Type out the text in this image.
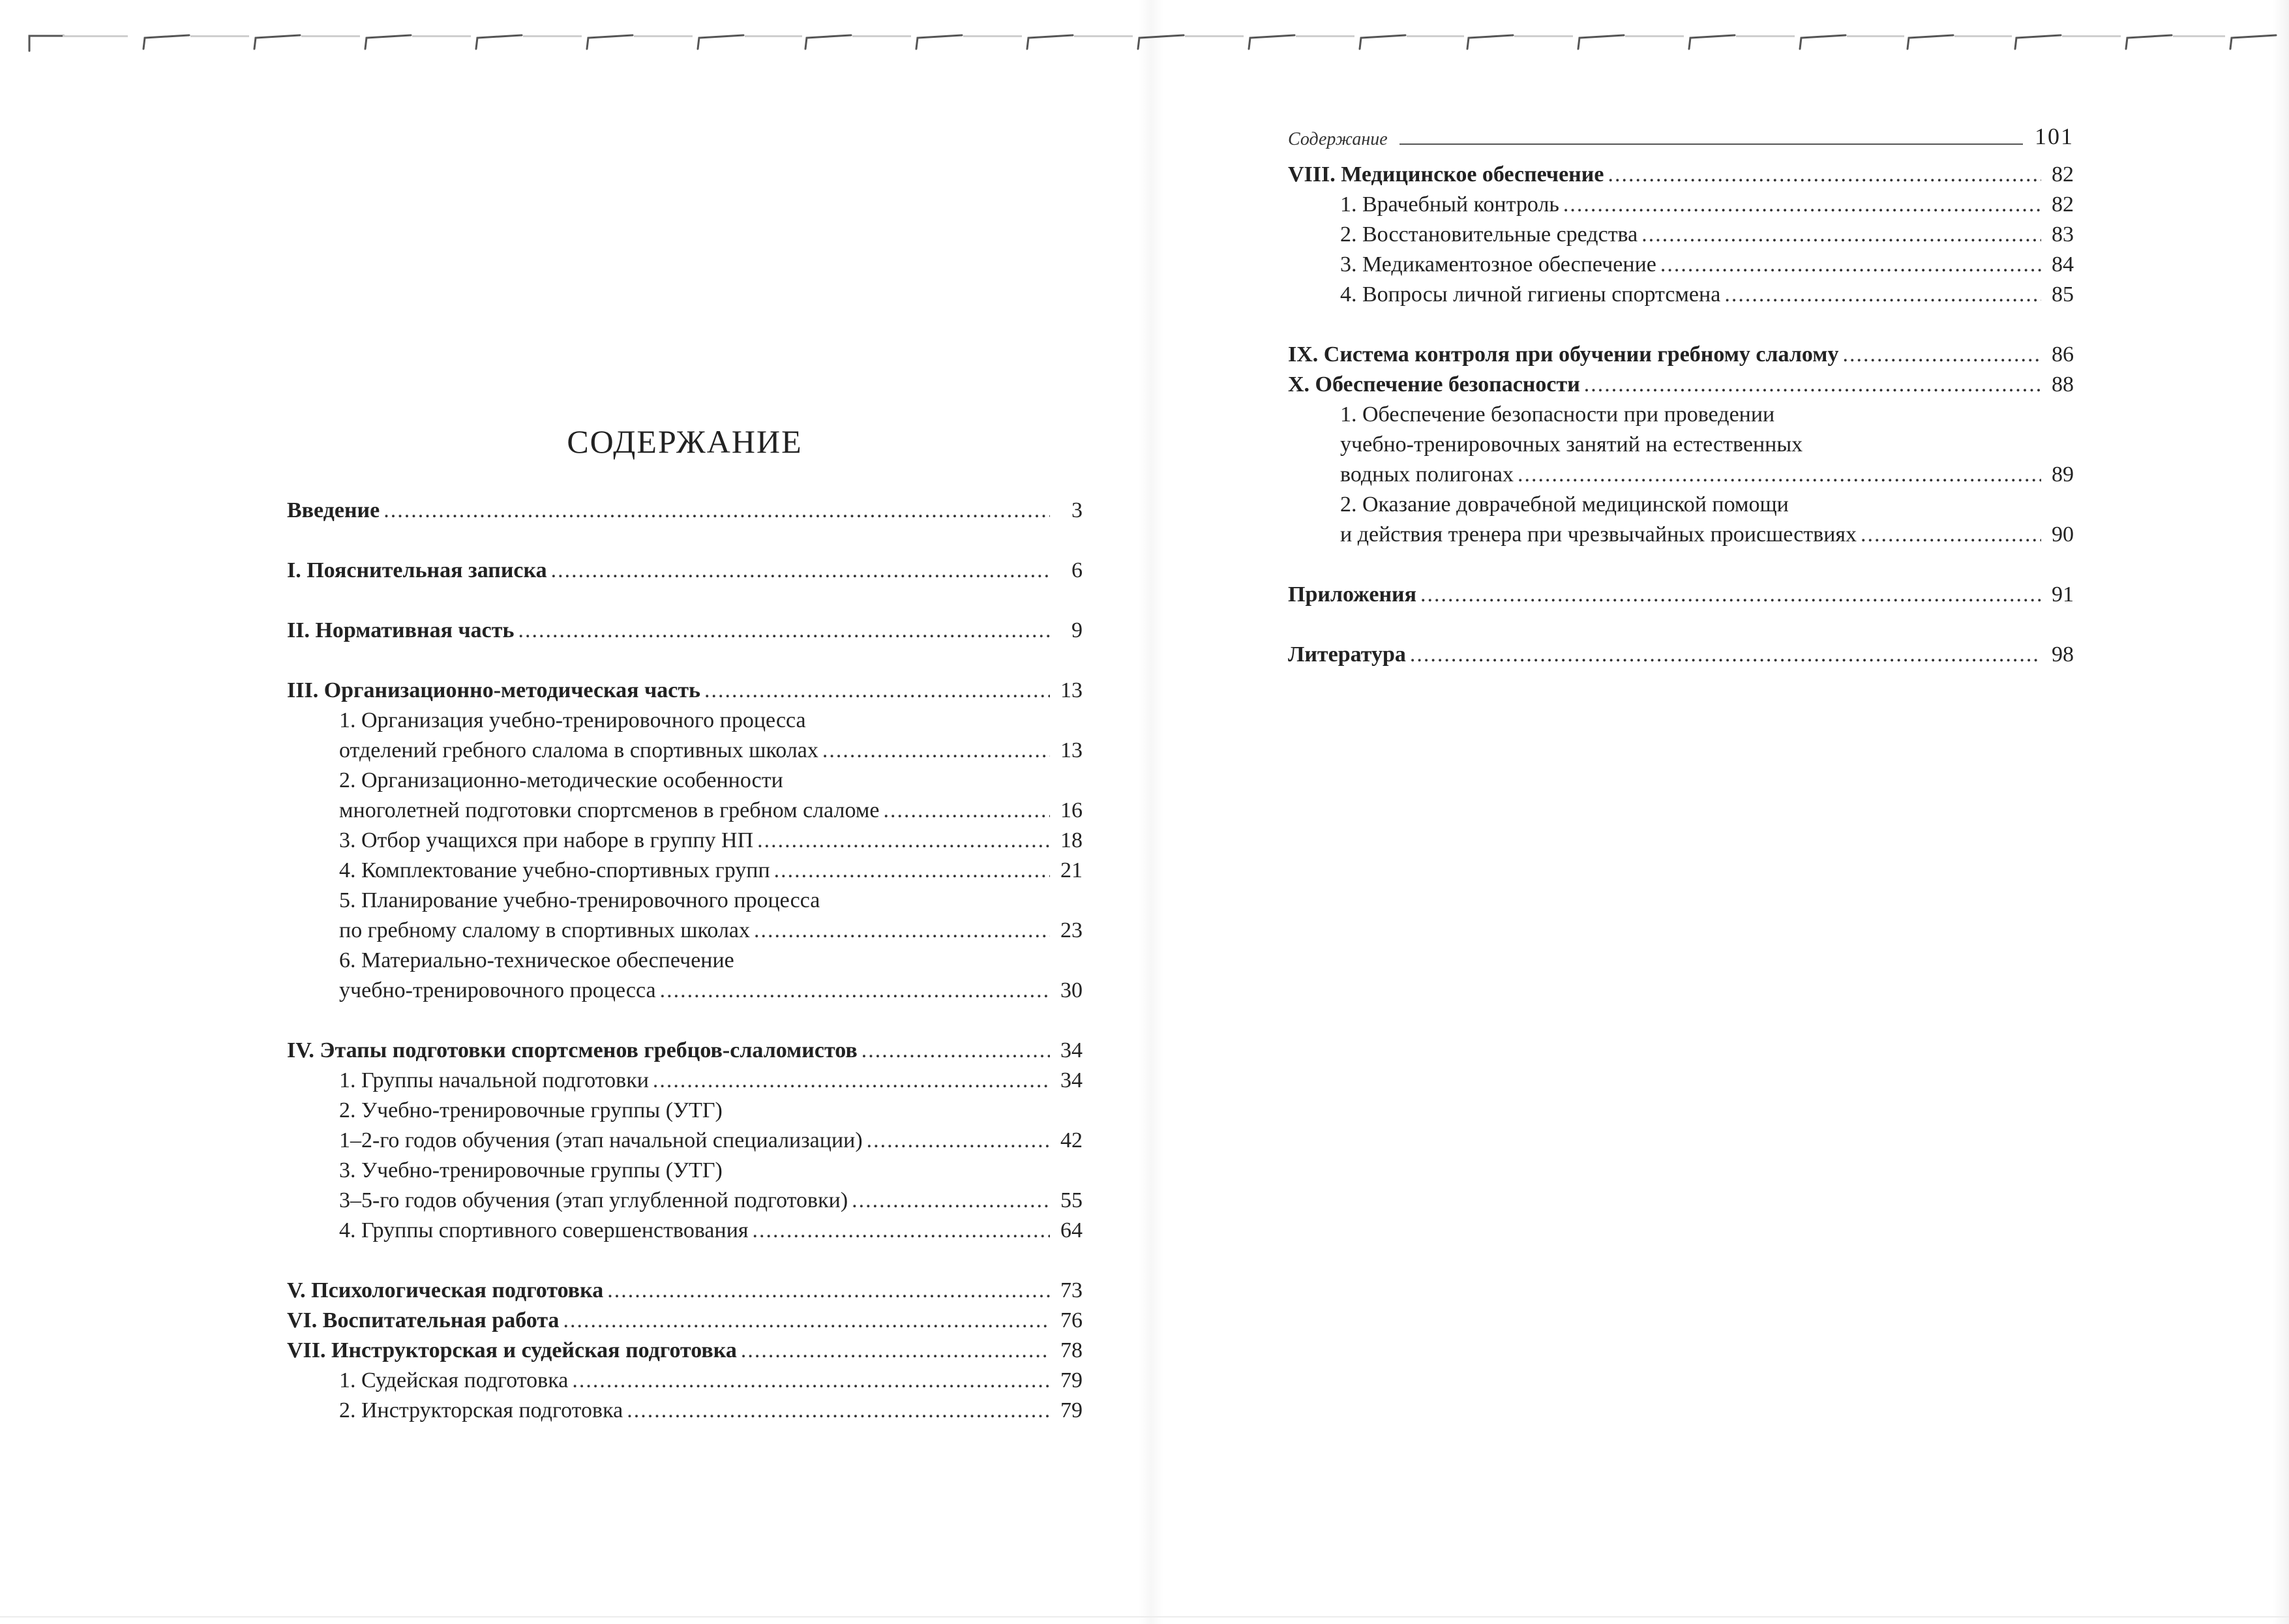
СОДЕРЖАНИЕ
Введение .....	3
I. Пояснительная записка .....	6
II. Нормативная часть .....	9
III. Организационно-методическая часть .....	13
1. Организация учебно-тренировочного процесса
отделений гребного слалома в спортивных школах .....	13
2. Организационно-методические особенности
многолетней подготовки спортсменов в гребном слаломе .....	16
3. Отбор учащихся при наборе в группу НП .....	18
4. Комплектование учебно-спортивных групп .....	21
5. Планирование учебно-тренировочного процесса
по гребному слалому в спортивных школах .....	23
6. Материально-техническое обеспечение
учебно-тренировочного процесса .....	30
IV. Этапы подготовки спортсменов гребцов-слаломистов .....	34
1. Группы начальной подготовки .....	34
2. Учебно-тренировочные группы (УТГ)
1–2-го годов обучения (этап начальной специализации) .....	42
3. Учебно-тренировочные группы (УТГ)
3–5-го годов обучения (этап углубленной подготовки) .....	55
4. Группы спортивного совершенствования .....	64
V. Психологическая подготовка .....	73
VI. Воспитательная работа .....	76
VII. Инструкторская и судейская подготовка .....	78
1. Судейская подготовка .....	79
2. Инструкторская подготовка .....	79
Содержание	101
VIII. Медицинское обеспечение .....	82
1. Врачебный контроль .....	82
2. Восстановительные средства .....	83
3. Медикаментозное обеспечение .....	84
4. Вопросы личной гигиены спортсмена .....	85
IX. Система контроля при обучении гребному слалому .....	86
X. Обеспечение безопасности .....	88
1. Обеспечение безопасности при проведении
учебно-тренировочных занятий на естественных
водных полигонах .....	89
2. Оказание доврачебной медицинской помощи
и действия тренера при чрезвычайных происшествиях .....	90
Приложения .....	91
Литература .....	98
